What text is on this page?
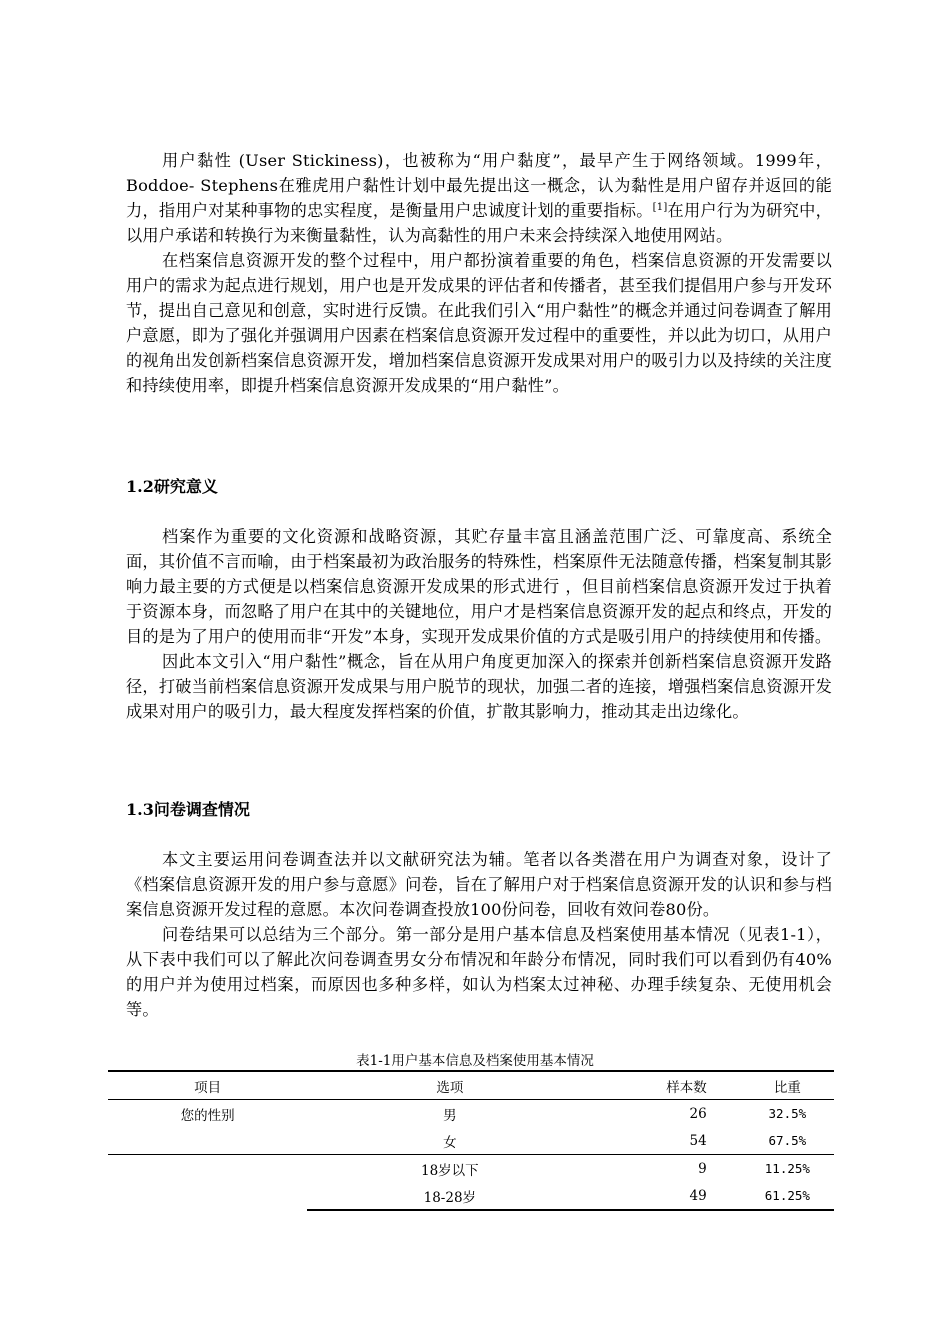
用户黏性 (User Stickiness)，也被称为“用户黏度”，最早产生于网络领域。1999年，Boddoe- Stephens在雅虎用户黏性计划中最先提出这一概念，认为黏性是用户留存并返回的能力，指用户对某种事物的忠实程度，是衡量用户忠诚度计划的重要指标。[1]在用户行为为研究中，以用户承诺和转换行为来衡量黏性，认为高黏性的用户未来会持续深入地使用网站。

在档案信息资源开发的整个过程中，用户都扮演着重要的角色，档案信息资源的开发需要以用户的需求为起点进行规划，用户也是开发成果的评估者和传播者，甚至我们提倡用户参与开发环节，提出自己意见和创意，实时进行反馈。在此我们引入“用户黏性”的概念并通过问卷调查了解用户意愿，即为了强化并强调用户因素在档案信息资源开发过程中的重要性，并以此为切口，从用户的视角出发创新档案信息资源开发，增加档案信息资源开发成果对用户的吸引力以及持续的关注度和持续使用率，即提升档案信息资源开发成果的“用户黏性”。

1.2研究意义

档案作为重要的文化资源和战略资源，其贮存量丰富且涵盖范围广泛、可靠度高、系统全面，其价值不言而喻，由于档案最初为政治服务的特殊性，档案原件无法随意传播，档案复制其影响力最主要的方式便是以档案信息资源开发成果的形式进行 ，但目前档案信息资源开发过于执着于资源本身，而忽略了用户在其中的关键地位，用户才是档案信息资源开发的起点和终点，开发的目的是为了用户的使用而非“开发”本身，实现开发成果价值的方式是吸引用户的持续使用和传播。

因此本文引入“用户黏性”概念，旨在从用户角度更加深入的探索并创新档案信息资源开发路径，打破当前档案信息资源开发成果与用户脱节的现状，加强二者的连接，增强档案信息资源开发成果对用户的吸引力，最大程度发挥档案的价值，扩散其影响力，推动其走出边缘化。

1.3问卷调查情况

本文主要运用问卷调查法并以文献研究法为辅。笔者以各类潜在用户为调查对象，设计了《档案信息资源开发的用户参与意愿》问卷，旨在了解用户对于档案信息资源开发的认识和参与档案信息资源开发过程的意愿。本次问卷调查投放100份问卷，回收有效问卷80份。

问卷结果可以总结为三个部分。第一部分是用户基本信息及档案使用基本情况（见表1-1），从下表中我们可以了解此次问卷调查男女分布情况和年龄分布情况，同时我们可以看到仍有40%的用户并为使用过档案，而原因也多种多样，如认为档案太过神秘、办理手续复杂、无使用机会等。

表1-1用户基本信息及档案使用基本情况
项目	选项	样本数	比重
您的性别	男	26	32.5%
	女	54	67.5%
	18岁以下	9	11.25%
	18-28岁	49	61.25%
